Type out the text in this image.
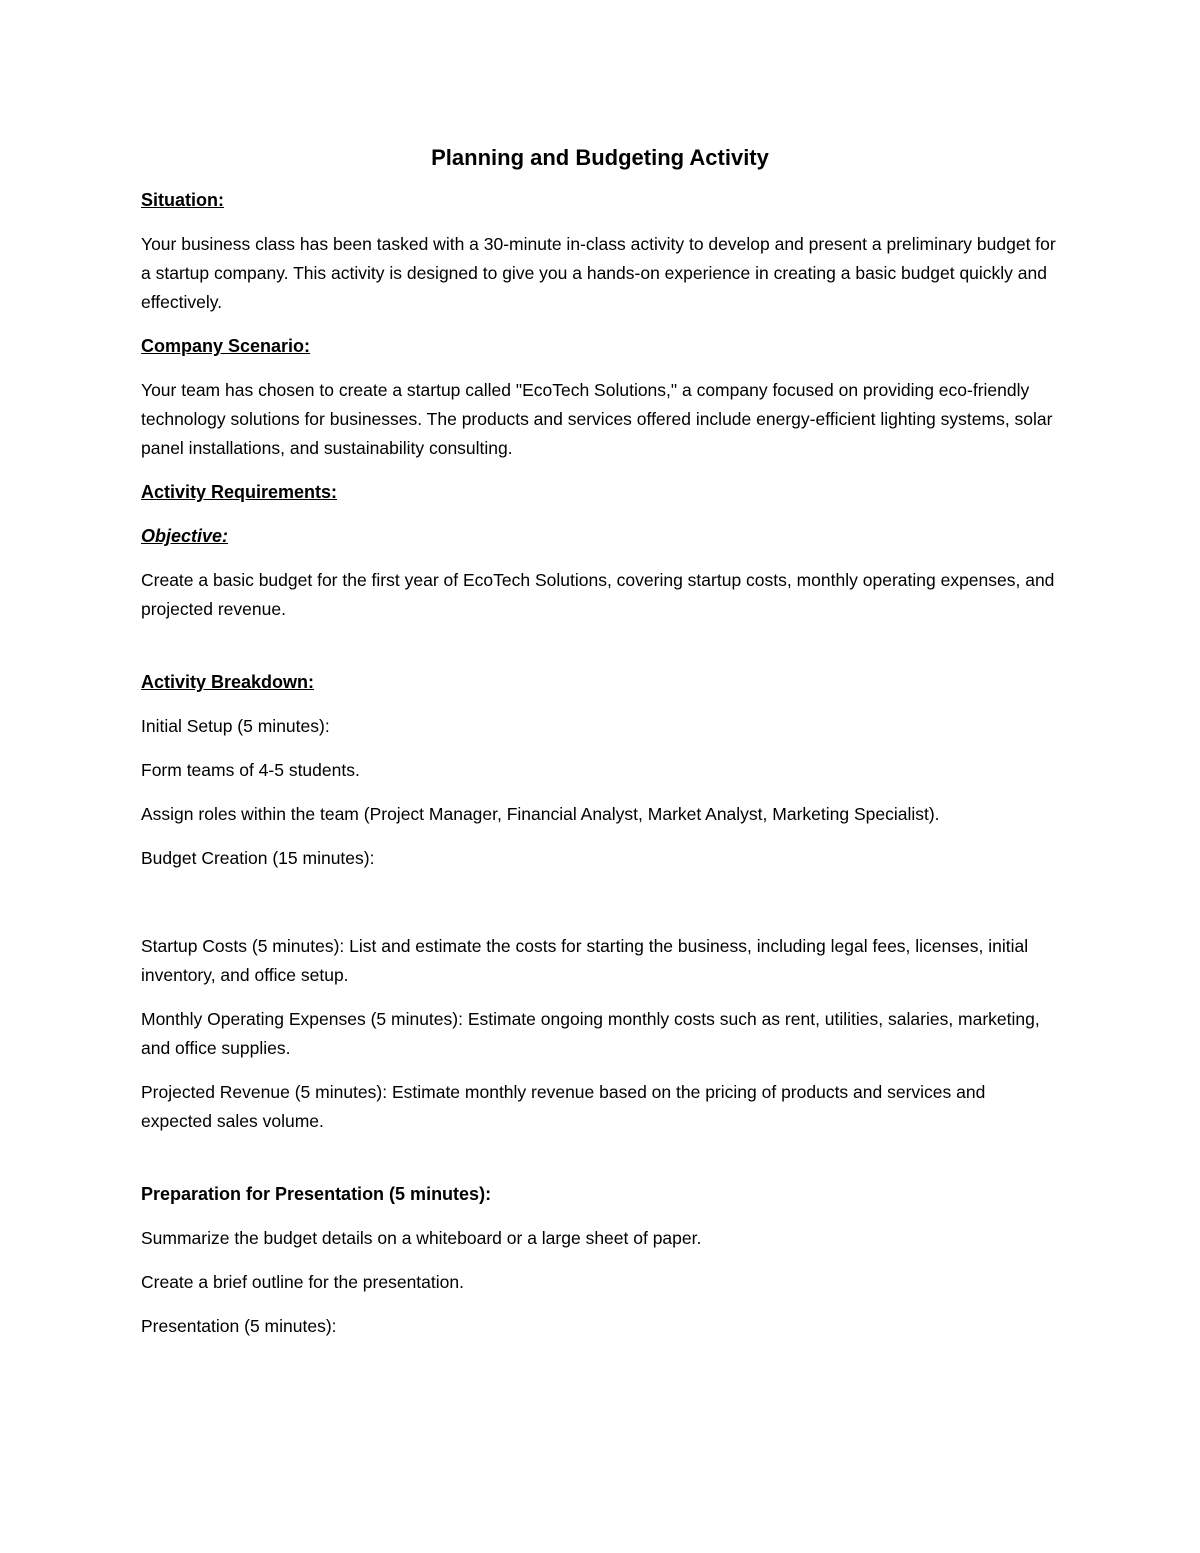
Planning and Budgeting Activity
Situation:
Your business class has been tasked with a 30-minute in-class activity to develop and present a preliminary budget for a startup company. This activity is designed to give you a hands-on experience in creating a basic budget quickly and effectively.
Company Scenario:
Your team has chosen to create a startup called "EcoTech Solutions," a company focused on providing eco-friendly technology solutions for businesses. The products and services offered include energy-efficient lighting systems, solar panel installations, and sustainability consulting.
Activity Requirements:
Objective:
Create a basic budget for the first year of EcoTech Solutions, covering startup costs, monthly operating expenses, and projected revenue.
Activity Breakdown:
Initial Setup (5 minutes):
Form teams of 4-5 students.
Assign roles within the team (Project Manager, Financial Analyst, Market Analyst, Marketing Specialist).
Budget Creation (15 minutes):
Startup Costs (5 minutes): List and estimate the costs for starting the business, including legal fees, licenses, initial inventory, and office setup.
Monthly Operating Expenses (5 minutes): Estimate ongoing monthly costs such as rent, utilities, salaries, marketing, and office supplies.
Projected Revenue (5 minutes): Estimate monthly revenue based on the pricing of products and services and expected sales volume.
Preparation for Presentation (5 minutes):
Summarize the budget details on a whiteboard or a large sheet of paper.
Create a brief outline for the presentation.
Presentation (5 minutes):
